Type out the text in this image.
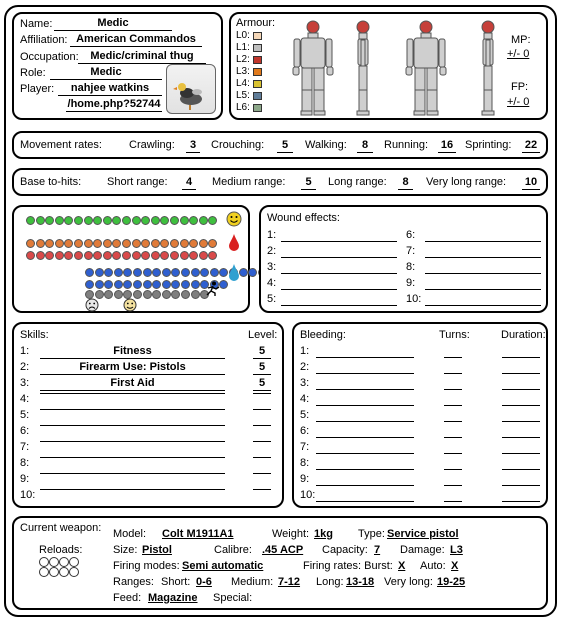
Name:	Medic
Affiliation: American Commandos
Occupation:	Medic/criminal thug
Role:	Medic
Player:	nahjee watkins
/home.php?52744
Armour:
L0:
L1:
L2:
L3:
L4:
L5:
L6:
MP:
+/- 0
FP:
+/- 0
Movement rates: Crawling:	3	Crouching:	5	Walking:	8	Running: 16 Sprinting: 22
Base to-hits: Short range:	4	Medium range:	5	Long range:	8	Very long range: 10
Wound effects:
1:
2:
3:
4:
5:
6:
7:
8:
9:
10:
Skills:	Level:
1:	Fitness	5
2:	Firearm Use: Pistols	5
3:	First Aid	5
4:
5:
6:
7:
8:
9:
10:
Bleeding:	Turns:	Duration:
1:
2:
3:
4:
5:
6:
7:
8:
9:
10:
Current weapon:
Reloads:
Model: Colt M1911A1	Weight: 1kg Type: Service pistol
Size: Pistol	Calibre: .45 ACP Capacity: 7 Damage: L3
Firing modes: Semi automatic	Firing rates: Burst: X Auto: X
Ranges: Short: 0-6 Medium: 7-12 Long: 13-18 Very long: 19-25
Feed: Magazine Special:
